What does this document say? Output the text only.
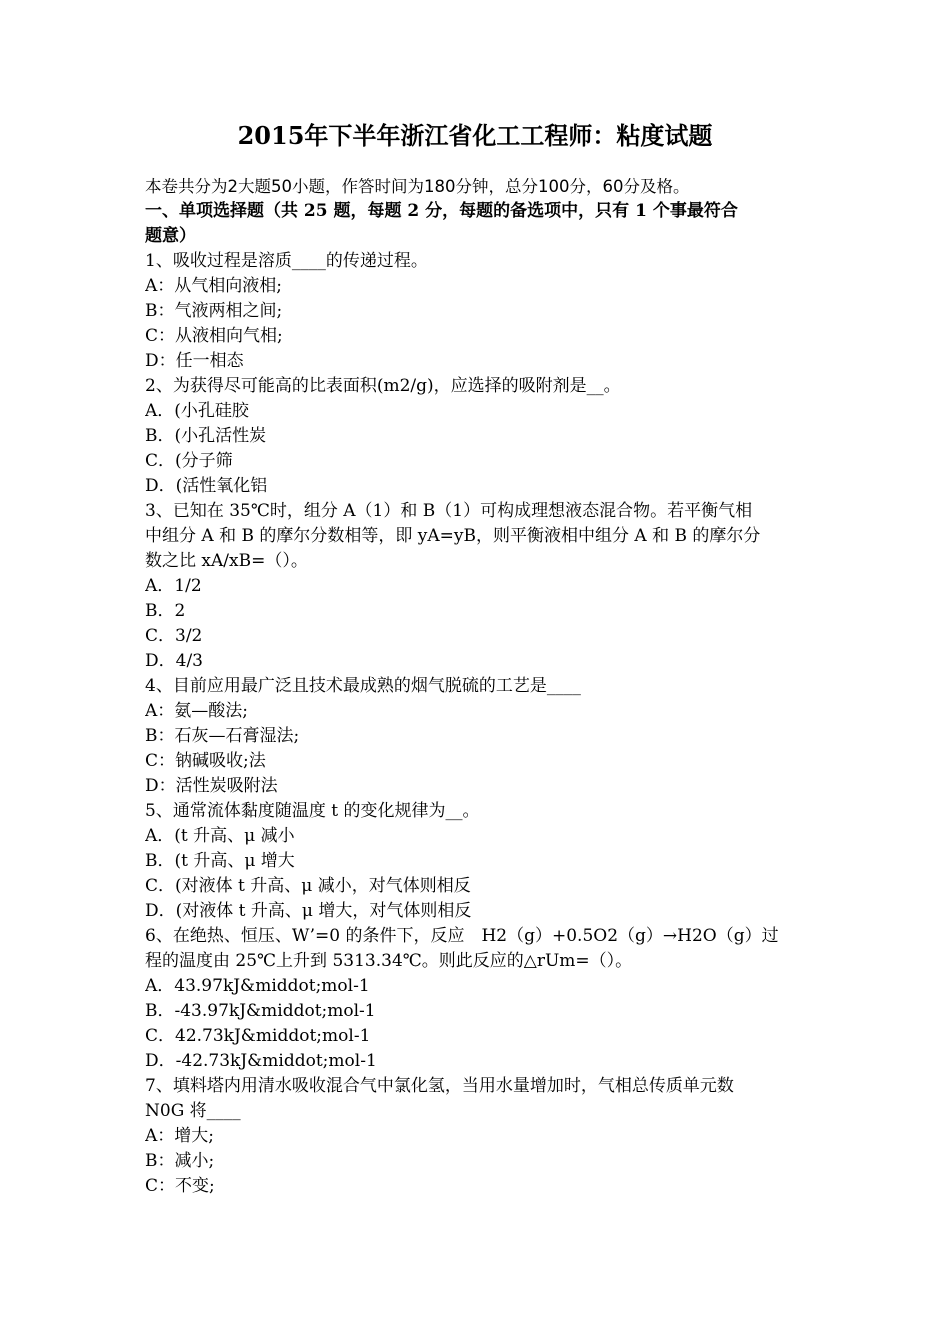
2015年下半年浙江省化工工程师：粘度试题
本卷共分为2大题50小题，作答时间为180分钟，总分100分，60分及格。
一、单项选择题（共 25 题，每题 2 分，每题的备选项中，只有 1 个事最符合
题意）
1、吸收过程是溶质____的传递过程。
A：从气相向液相;
B：气液两相之间;
C：从液相向气相;
D：任一相态
2、为获得尽可能高的比表面积(m2/g)，应选择的吸附剂是__。
A．(小孔硅胶
B．(小孔活性炭
C．(分子筛
D．(活性氧化铝
3、已知在 35℃时，组分 A（1）和 B（1）可构成理想液态混合物。若平衡气相
中组分 A 和 B 的摩尔分数相等，即 yA=yB，则平衡液相中组分 A 和 B 的摩尔分
数之比 xA/xB=（）。
A．1/2
B．2
C．3/2
D．4/3
4、目前应用最广泛且技术最成熟的烟气脱硫的工艺是____
A：氨—酸法;
B：石灰—石膏湿法;
C：钠碱吸收;法
D：活性炭吸附法
5、通常流体黏度随温度 t 的变化规律为__。
A．(t 升高、μ 减小
B．(t 升高、μ 增大
C．(对液体 t 升高、μ 减小，对气体则相反
D．(对液体 t 升高、μ 增大，对气体则相反
6、在绝热、恒压、W’=0 的条件下，反应　H2（g）+0.5O2（g）→H2O（g）过
程的温度由 25℃上升到 5313.34℃。则此反应的△rUm=（）。
A．43.97kJ&middot;mol-1
B．-43.97kJ&middot;mol-1
C．42.73kJ&middot;mol-1
D．-42.73kJ&middot;mol-1
7、填料塔内用清水吸收混合气中氯化氢，当用水量增加时，气相总传质单元数
N0G 将____
A：增大;
B：减小;
C：不变;
